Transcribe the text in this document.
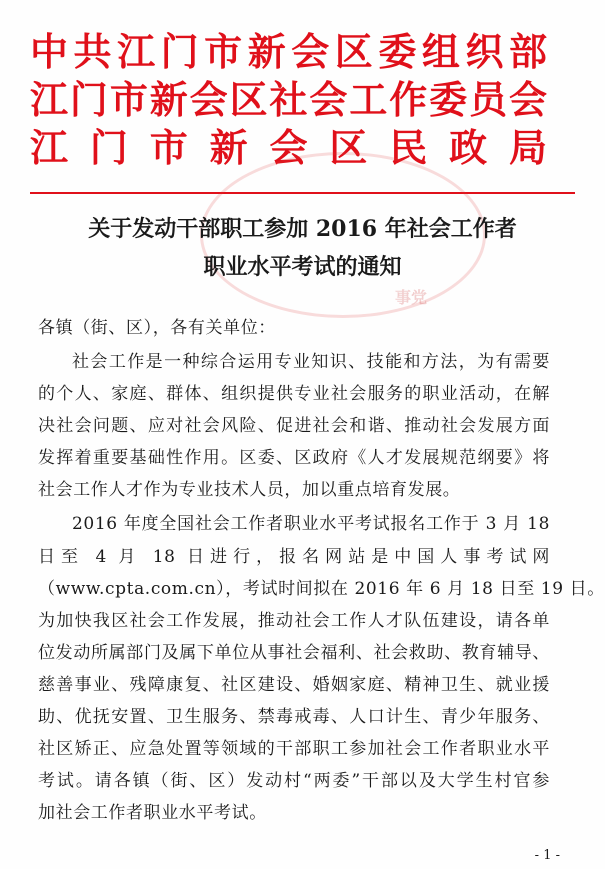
中共江门市新会区委组织部
江门市新会区社会工作委员会
江门市新会区民政局
事党
关于发动干部职工参加 2016 年社会工作者
职业水平考试的通知
各镇（街、区），各有关单位：
社会工作是一种综合运用专业知识、技能和方法，为有需要
的个人、家庭、群体、组织提供专业社会服务的职业活动，在解
决社会问题、应对社会风险、促进社会和谐、推动社会发展方面
发挥着重要基础性作用。区委、区政府《人才发展规范纲要》将
社会工作人才作为专业技术人员，加以重点培育发展。
2016 年度全国社会工作者职业水平考试报名工作于 3 月 18
日至 4 月 18 日进行，报名网站是中国人事考试网
（www.cpta.com.cn），考试时间拟在 2016 年 6 月 18 日至 19 日。
为加快我区社会工作发展，推动社会工作人才队伍建设，请各单
位发动所属部门及属下单位从事社会福利、社会救助、教育辅导、
慈善事业、残障康复、社区建设、婚姻家庭、精神卫生、就业援
助、优抚安置、卫生服务、禁毒戒毒、人口计生、青少年服务、
社区矫正、应急处置等领域的干部职工参加社会工作者职业水平
考试。请各镇（街、区）发动村“两委”干部以及大学生村官参
加社会工作者职业水平考试。
- 1 -
